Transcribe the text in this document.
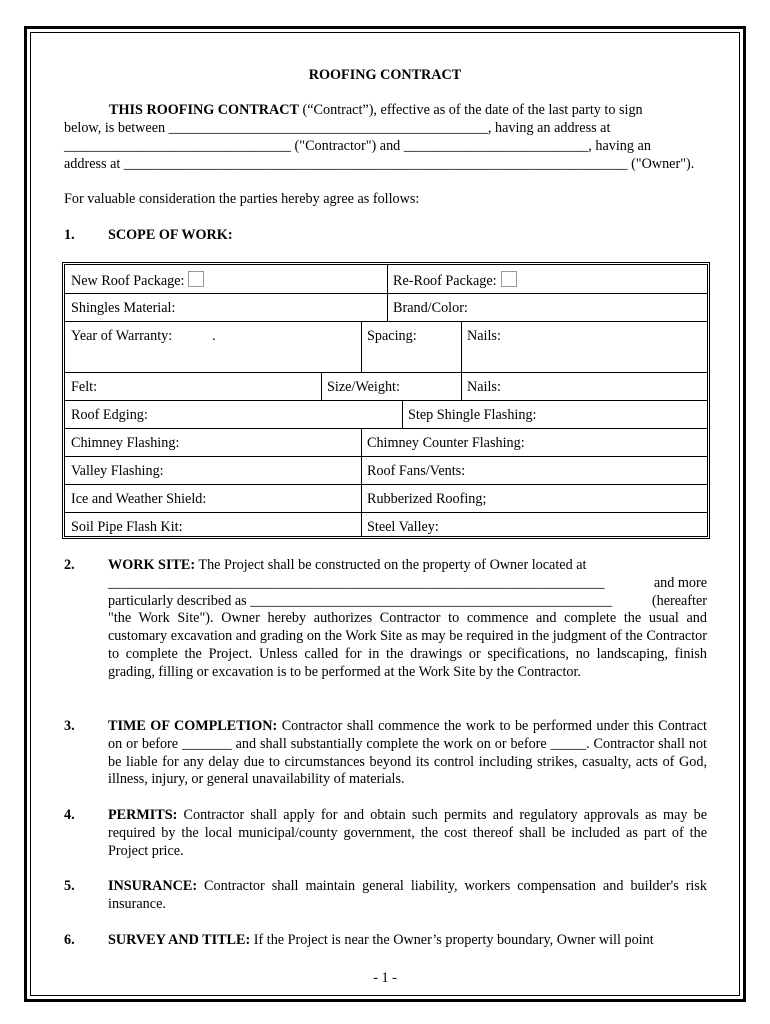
ROOFING CONTRACT
THIS ROOFING CONTRACT (“Contract”), effective as of the date of the last party to sign
below, is between _____________________________________________, having an address at
________________________________ ("Contractor") and __________________________, having an
address at _______________________________________________________________________ ("Owner").
For valuable consideration the parties hereby agree as follows:
1. SCOPE OF WORK:
New Roof Package:	Re-Roof Package:
Shingles Material:	Brand/Color:
Year of Warranty:	.	Spacing:	Nails:
Felt:	Size/Weight:	Nails:
Roof Edging:	Step Shingle Flashing:
Chimney Flashing:	Chimney Counter Flashing:
Valley Flashing:	Roof Fans/Vents:
Ice and Weather Shield:	Rubberized Roofing;
Soil Pipe Flash Kit:	Steel Valley:
2. WORK SITE: The Project shall be constructed on the property of Owner located at

______________________________________________________________________	and more
particularly described as ___________________________________________________	(hereafter

"the Work Site"). Owner hereby authorizes Contractor to commence and complete the usual and customary excavation and grading on the Work Site as may be required in the judgment of the Contractor to complete the Project. Unless called for in the drawings or specifications, no landscaping, finish grading, filling or excavation is to be performed at the Work Site by the Contractor.

3. TIME OF COMPLETION: Contractor shall commence the work to be performed under this Contract on or before _______ and shall substantially complete the work on or before _____. Contractor shall not be liable for any delay due to circumstances beyond its control including strikes, casualty, acts of God, illness, injury, or general unavailability of materials.

4. PERMITS: Contractor shall apply for and obtain such permits and regulatory approvals as may be required by the local municipal/county government, the cost thereof shall be included as part of the Project price.

5. INSURANCE: Contractor shall maintain general liability, workers compensation and builder's risk insurance.

6. SURVEY AND TITLE: If the Project is near the Owner’s property boundary, Owner will point

- 1 -
